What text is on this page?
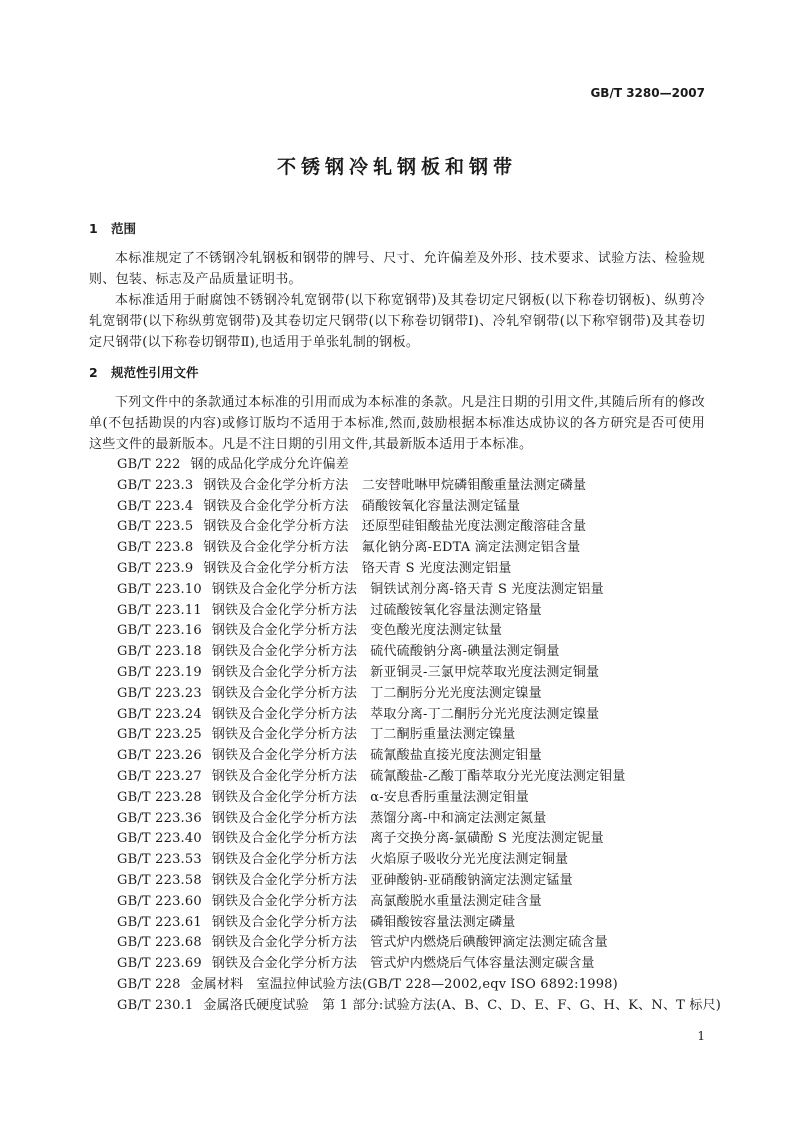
GB/T 3280—2007
不锈钢冷轧钢板和钢带
1 范围
本标准规定了不锈钢冷轧钢板和钢带的牌号、尺寸、允许偏差及外形、技术要求、试验方法、检验规则、包装、标志及产品质量证明书。
本标准适用于耐腐蚀不锈钢冷轧宽钢带(以下称宽钢带)及其卷切定尺钢板(以下称卷切钢板)、纵剪冷轧宽钢带(以下称纵剪宽钢带)及其卷切定尺钢带(以下称卷切钢带Ⅰ)、冷轧窄钢带(以下称窄钢带)及其卷切定尺钢带(以下称卷切钢带Ⅱ),也适用于单张轧制的钢板。
2 规范性引用文件
下列文件中的条款通过本标准的引用而成为本标准的条款。凡是注日期的引用文件,其随后所有的修改单(不包括勘误的内容)或修订版均不适用于本标准,然而,鼓励根据本标准达成协议的各方研究是否可使用这些文件的最新版本。凡是不注日期的引用文件,其最新版本适用于本标准。
GB/T 222 钢的成品化学成分允许偏差
GB/T 223.3 钢铁及合金化学分析方法　二安替吡啉甲烷磷钼酸重量法测定磷量
GB/T 223.4 钢铁及合金化学分析方法　硝酸铵氧化容量法测定锰量
GB/T 223.5 钢铁及合金化学分析方法　还原型硅钼酸盐光度法测定酸溶硅含量
GB/T 223.8 钢铁及合金化学分析方法　氟化钠分离-EDTA 滴定法测定铝含量
GB/T 223.9 钢铁及合金化学分析方法　铬天青 S 光度法测定铝量
GB/T 223.10 钢铁及合金化学分析方法　铜铁试剂分离-铬天青 S 光度法测定铝量
GB/T 223.11 钢铁及合金化学分析方法　过硫酸铵氧化容量法测定铬量
GB/T 223.16 钢铁及合金化学分析方法　变色酸光度法测定钛量
GB/T 223.18 钢铁及合金化学分析方法　硫代硫酸钠分离-碘量法测定铜量
GB/T 223.19 钢铁及合金化学分析方法　新亚铜灵-三氯甲烷萃取光度法测定铜量
GB/T 223.23 钢铁及合金化学分析方法　丁二酮肟分光光度法测定镍量
GB/T 223.24 钢铁及合金化学分析方法　萃取分离-丁二酮肟分光光度法测定镍量
GB/T 223.25 钢铁及合金化学分析方法　丁二酮肟重量法测定镍量
GB/T 223.26 钢铁及合金化学分析方法　硫氰酸盐直接光度法测定钼量
GB/T 223.27 钢铁及合金化学分析方法　硫氰酸盐-乙酸丁酯萃取分光光度法测定钼量
GB/T 223.28 钢铁及合金化学分析方法　α-安息香肟重量法测定钼量
GB/T 223.36 钢铁及合金化学分析方法　蒸馏分离-中和滴定法测定氮量
GB/T 223.40 钢铁及合金化学分析方法　离子交换分离-氯磺酚 S 光度法测定铌量
GB/T 223.53 钢铁及合金化学分析方法　火焰原子吸收分光光度法测定铜量
GB/T 223.58 钢铁及合金化学分析方法　亚砷酸钠-亚硝酸钠滴定法测定锰量
GB/T 223.60 钢铁及合金化学分析方法　高氯酸脱水重量法测定硅含量
GB/T 223.61 钢铁及合金化学分析方法　磷钼酸铵容量法测定磷量
GB/T 223.68 钢铁及合金化学分析方法　管式炉内燃烧后碘酸钾滴定法测定硫含量
GB/T 223.69 钢铁及合金化学分析方法　管式炉内燃烧后气体容量法测定碳含量
GB/T 228 金属材料　室温拉伸试验方法(GB/T 228—2002,eqv ISO 6892:1998)
GB/T 230.1 金属洛氏硬度试验　第 1 部分:试验方法(A、B、C、D、E、F、G、H、K、N、T 标尺)
1
